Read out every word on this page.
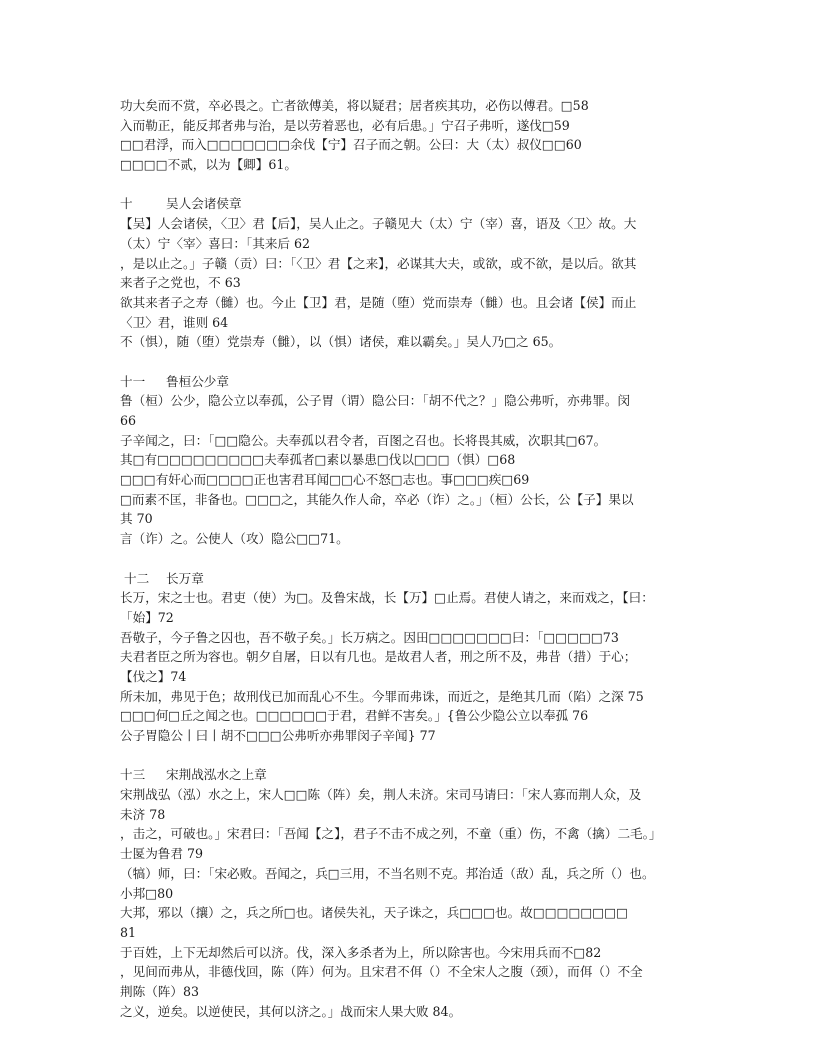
功大矣而不赏，卒必畏之。亡者欲傅美，将以疑君；居者疾其功，必伤以傅君。□58
入而勒正，能反邦者弗与治，是以劳着恶也，必有后患。」宁召子弗听，遂伐□59
□□君浮，而入□□□□□□□余伐【宁】召子而之朝。公曰：大（太）叔仪□□60
□□□□不贰，以为【卿】61。
十	吴人会诸侯章
【吴】人会诸侯，〈卫〉君【后】，吴人止之。子赣见大（太）宁（宰）喜，语及〈卫〉故。大
（太）宁〈宰〉喜曰：「其来后 62
，是以止之。」子赣（贡）曰：「〈卫〉君【之来】，必谋其大夫，或欲，或不欲，是以后。欲其
来者子之党也，不 63
欲其来者子之寿（雠）也。今止【卫】君，是随（堕）党而崇寿（雠）也。且会诸【侯】而止
〈卫〉君，谁则 64
不（惧），随（堕）党崇寿（雠），以（惧）诸侯，难以霸矣。」吴人乃□之 65。
十一 鲁桓公少章
鲁（桓）公少，隐公立以奉孤，公子胃（谓）隐公曰：「胡不代之？」隐公弗听，亦弗罪。闵
66
子辛闻之，曰：「□□隐公。夫奉孤以君令者，百图之召也。长将畏其威，次职其□67。
其□有□□□□□□□□□夫奉孤者□素以暴患□伐以□□□（惧）□68
□□□有奸心而□□□□正也害君耳闻□□心不怒□志也。事□□□疾□69
□而素不匡，非备也。□□□之，其能久作人命，卒必（诈）之。」（桓）公长，公【子】果以
其 70
言（诈）之。公使人（攻）隐公□□71。
十二 长万章
长万，宋之士也。君吏（使）为□。及鲁宋战，长【万】□止焉。君使人请之，来而戏之，【曰：
「始】72
吾敬子，今子鲁之囚也，吾不敬子矣。」长万病之。因田□□□□□□□曰：「□□□□□73
夫君者臣之所为容也。朝夕自屠，日以有几也。是故君人者，刑之所不及，弗昔（措）于心；
【伐之】74
所未加，弗见于色；故刑伐已加而乱心不生。今罪而弗诛，而近之，是绝其几而（陷）之深 75
□□□何□丘之闻之也。□□□□□□于君，君鲜不害矣。」{鲁公少隐公立以奉孤 76
公子胃隐公丨曰丨胡不□□□公弗听亦弗罪闵子辛闻} 77
十三 宋荆战泓水之上章
宋荆战弘（泓）水之上，宋人□□陈（阵）矣，荆人未济。宋司马请曰：「宋人寡而荆人众，及
未济 78
，击之，可破也。」宋君曰：「吾闻【之】，君子不击不成之列，不童（重）伤，不禽（擒）二毛。」
士匽为鲁君 79
（犒）师，曰：「宋必败。吾闻之，兵□三用，不当名则不克。邦治适（敌）乱，兵之所（）也。
小邦□80
大邦，邪以（攘）之，兵之所□也。诸侯失礼，天子诛之，兵□□□也。故□□□□□□□□
81
于百姓，上下无却然后可以济。伐，深入多杀者为上，所以除害也。今宋用兵而不□82
，见间而弗从，非德伐回，陈（阵）何为。且宋君不佴（）不全宋人之腹（颈），而佴（）不全
荆陈（阵）83
之义，逆矣。以逆使民，其何以济之。」战而宋人果大败 84。
